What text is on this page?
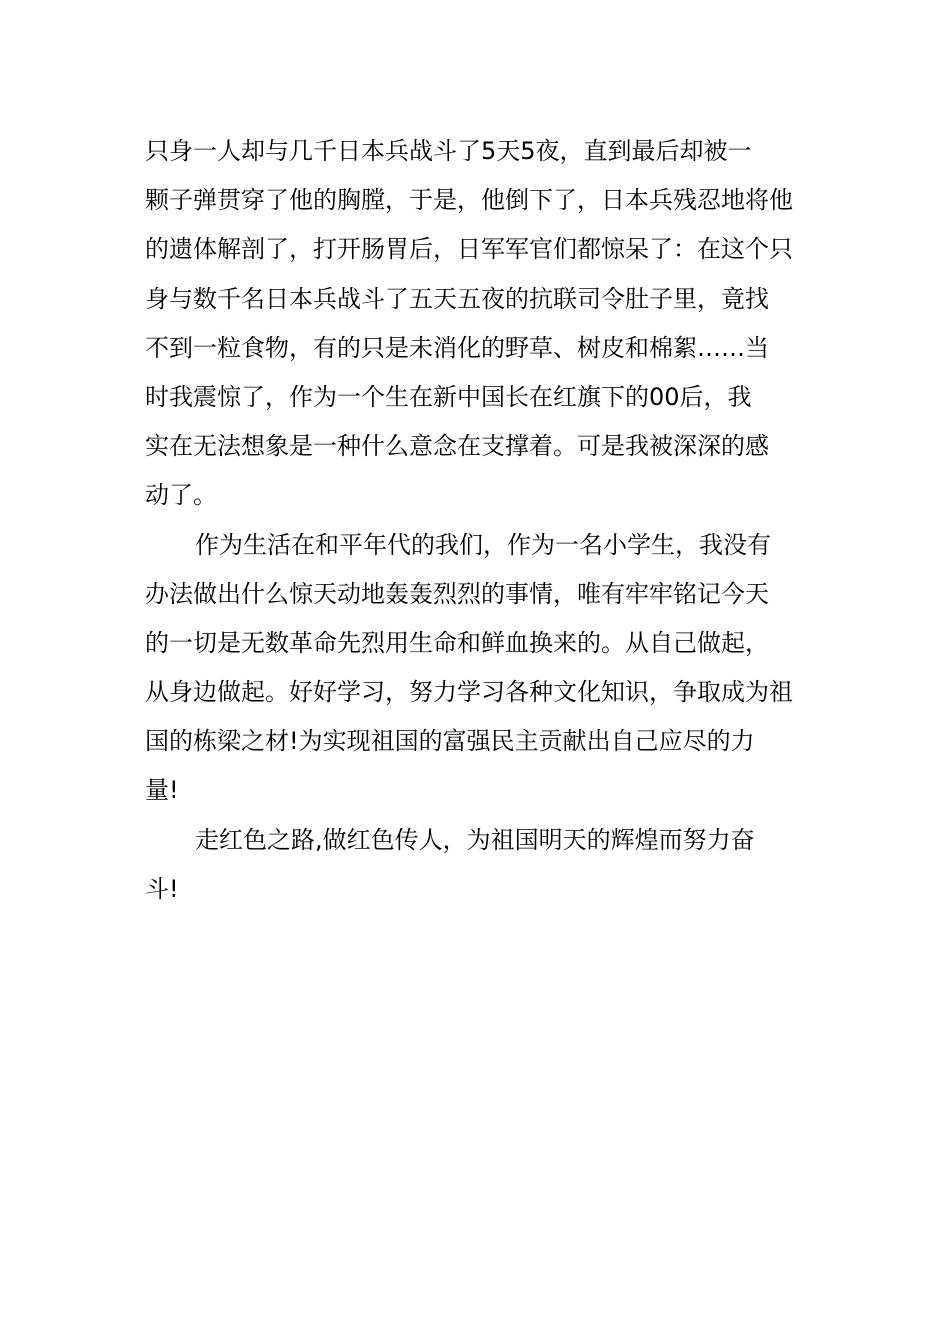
只身一人却与几千日本兵战斗了5天5夜，直到最后却被一
颗子弹贯穿了他的胸膛，于是，他倒下了，日本兵残忍地将他
的遗体解剖了，打开肠胃后，日军军官们都惊呆了：在这个只
身与数千名日本兵战斗了五天五夜的抗联司令肚子里，竟找
不到一粒食物，有的只是未消化的野草、树皮和棉絮……当
时我震惊了，作为一个生在新中国长在红旗下的00后，我
实在无法想象是一种什么意念在支撑着。可是我被深深的感
动了。

作为生活在和平年代的我们，作为一名小学生，我没有
办法做出什么惊天动地轰轰烈烈的事情，唯有牢牢铭记今天
的一切是无数革命先烈用生命和鲜血换来的。从自己做起，
从身边做起。好好学习，努力学习各种文化知识，争取成为祖
国的栋梁之材!为实现祖国的富强民主贡献出自己应尽的力
量!

走红色之路,做红色传人，为祖国明天的辉煌而努力奋
斗!
